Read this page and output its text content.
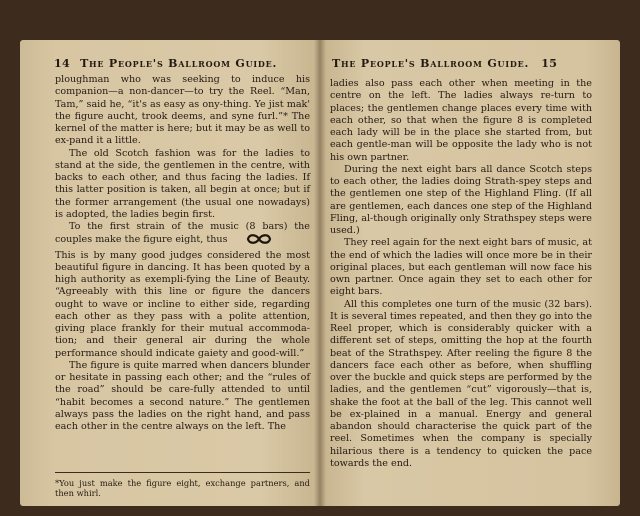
14 The People's Ballroom Guide.

ploughman who was seeking to induce his companion—a non-dancer—to try the Reel. “Man, Tam,” said he, “it's as easy as ony-thing. Ye jist mak' the figure aucht, trook deems, and syne furl.”* The kernel of the matter is here; but it may be as well to ex-pand it a little.

The old Scotch fashion was for the ladies to stand at the side, the gentlemen in the centre, with backs to each other, and thus facing the ladies. If this latter position is taken, all begin at once; but if the former arrangement (the usual one nowadays) is adopted, the ladies begin first.

To the first strain of the music (8 bars) the couples make the figure eight, thus

This is by many good judges considered the most beautiful figure in dancing. It has been quoted by a high authority as exempli-fying the Line of Beauty. “Agreeably with this line or figure the dancers ought to wave or incline to either side, regarding each other as they pass with a polite attention, giving place frankly for their mutual accommoda-tion; and their general air during the whole performance should indicate gaiety and good-will.”

The figure is quite marred when dancers blunder or hesitate in passing each other; and the “rules of the road” should be care-fully attended to until “habit becomes a second nature.” The gentlemen always pass the ladies on the right hand, and pass each other in the centre always on the left. The

*You just make the figure eight, exchange partners, and then whirl.
The People's Ballroom Guide. 15

ladies also pass each other when meeting in the centre on the left. The ladies always re-turn to places; the gentlemen change places every time with each other, so that when the figure 8 is completed each lady will be in the place she started from, but each gentle-man will be opposite the lady who is not his own partner.

During the next eight bars all dance Scotch steps to each other, the ladies doing Strath-spey steps and the gentlemen one step of the Highland Fling. (If all are gentlemen, each dances one step of the Highland Fling, al-though originally only Strathspey steps were used.)

They reel again for the next eight bars of music, at the end of which the ladies will once more be in their original places, but each gentleman will now face his own partner. Once again they set to each other for eight bars.

All this completes one turn of the music (32 bars). It is several times repeated, and then they go into the Reel proper, which is considerably quicker with a different set of steps, omitting the hop at the fourth beat of the Strathspey. After reeling the figure 8 the dancers face each other as before, when shuffling over the buckle and quick steps are performed by the ladies, and the gentlemen “cut” vigorously—that is, shake the foot at the ball of the leg. This cannot well be ex-plained in a manual. Energy and general abandon should characterise the quick part of the reel. Sometimes when the company is specially hilarious there is a tendency to quicken the pace towards the end.
